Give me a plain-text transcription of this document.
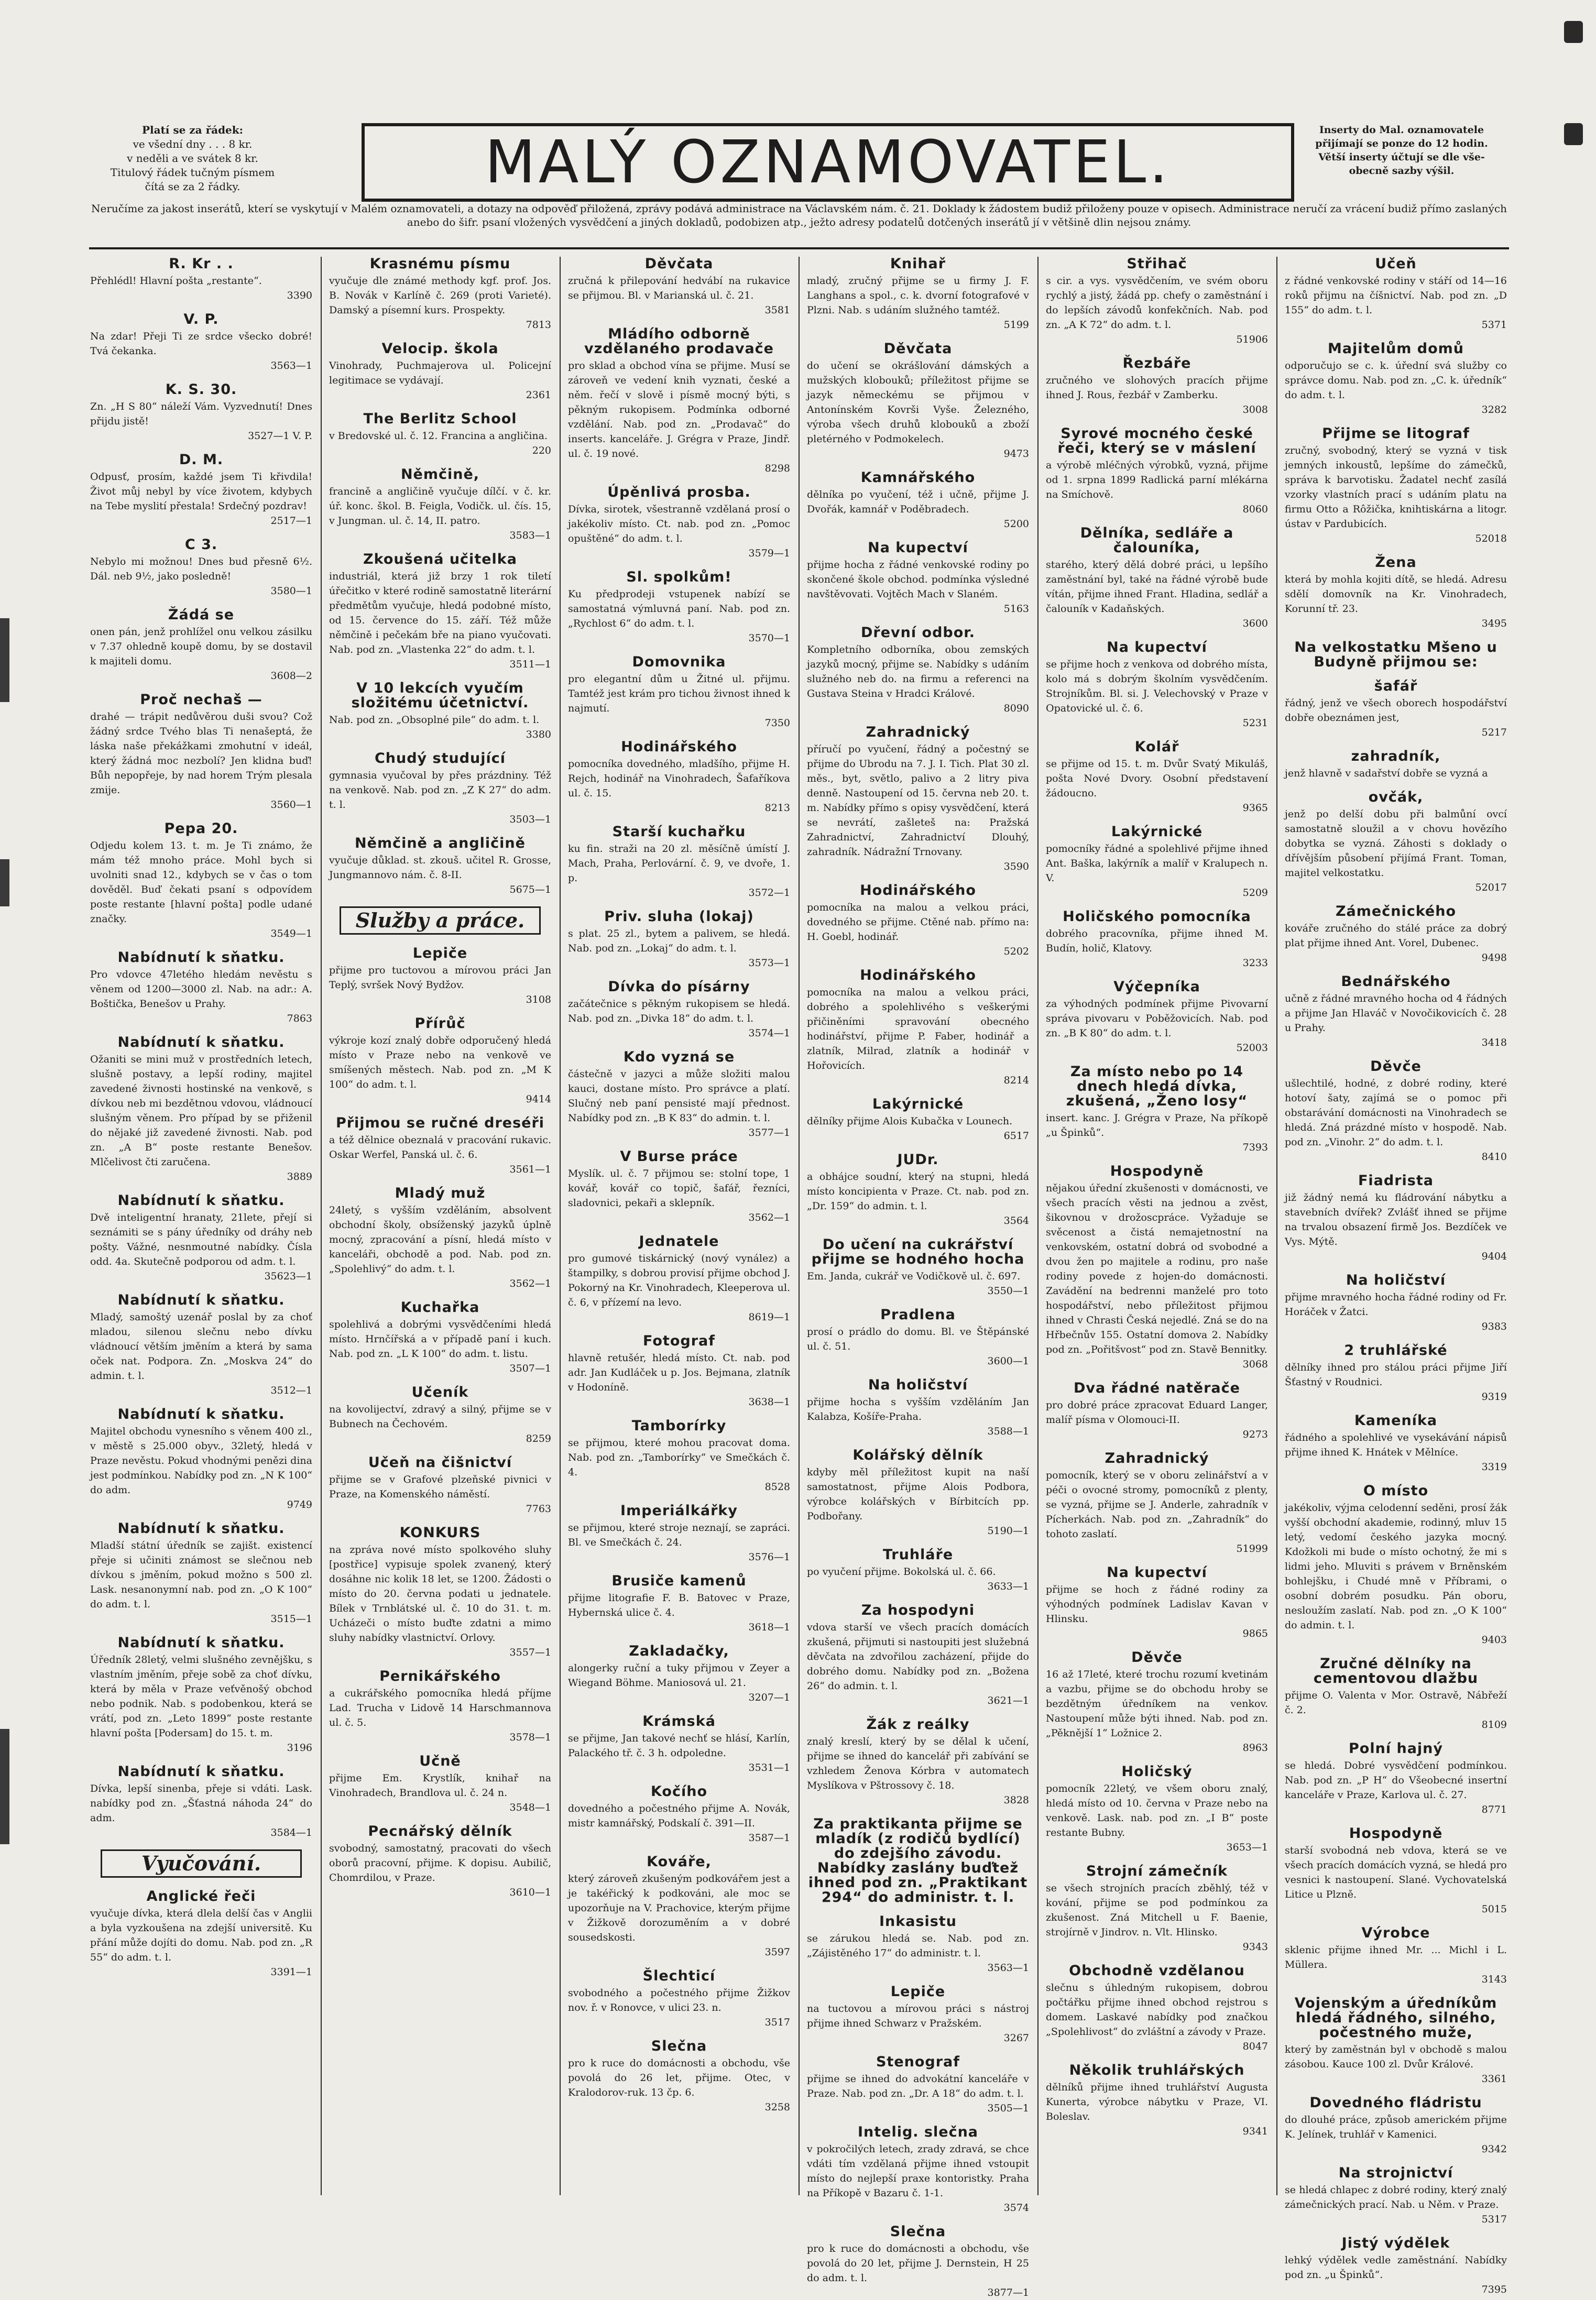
Platí se za řádek:
ve všední dny . . . 8 kr.
v neděli a ve svátek 8 kr.
Titulový řádek tučným písmem
čítá se za 2 řádky.	MALÝ OZNAMOVATEL.	Inserty do Mal. oznamovatele
přijímají se ponze do 12 hodin.
Větší inserty účtují se dle vše-
obecně sazby výšil.
Neručíme za jakost inserátů, kterí se vyskytují v Malém oznamovateli, a dotazy na odpověď přiložená, zprávy podává administrace na Václavském nám. č. 21. Doklady k žádostem budiž přiloženy pouze v opisech. Administrace neručí za vrácení budiž přímo zaslaných anebo do šifr. psaní vložených vysvědčení a jiných dokladů, podobizen atp., ježto adresy podatelů dotčených inserátů jí v většině dlin nejsou známy.
R. Kr . .

Přehlédl! Hlavní pošta „restante“.

3390

V. P.

Na zdar! Přeji Ti ze srdce všecko dobré! Tvá čekanka.

3563—1

K. S. 30.

Zn. „H S 80“ náleží Vám. Vyzvednutí! Dnes přijdu jistě!

3527—1 V. P.

D. M.

Odpusť, prosím, každé jsem Ti křivdila! Život můj nebyl by více životem, kdybych na Tebe myslití přestala! Srdečný pozdrav!

2517—1

C 3.

Nebylo mi možnou! Dnes bud přesně 6½. Dál. neb 9½, jako posledně!

3580—1

Žádá se

onen pán, jenž prohlížel onu velkou zásilku v 7.37 ohledně koupě domu, by se dostavil k majiteli domu.

3608—2

Proč nechaš —

drahé — trápit nedůvěrou duši svou? Což žádný srdce Tvého blas Ti nenašeptá, že láska naše překážkami zmohutní v ideál, který žádná moc nezbolí? Jen klidna buď! Bůh nepopřeje, by nad horem Trým plesala zmije.

3560—1

Pepa 20.

Odjedu kolem 13. t. m. Je Ti známo, že mám též mnoho práce. Mohl bych si uvolniti snad 12., kdybych se v čas o tom dověděl. Buď čekati psaní s odpovídem poste restante [hlavní pošta] podle udané značky.

3549—1

Nabídnutí k sňatku.

Pro vdovce 47letého hledám nevěstu s věnem od 1200—3000 zl. Nab. na adr.: A. Boštička, Benešov u Prahy.

7863

Nabídnutí k sňatku.

Ožaniti se mini muž v prostředních letech, slušně postavy, a lepší rodiny, majitel zavedené živnosti hostinské na venkově, s dívkou neb mi bezdětnou vdovou, vládnoucí slušným věnem. Pro případ by se přiženil do nějaké již zavedené živnosti. Nab. pod zn. „A B“ poste restante Benešov. Mlčelivost čti zaručena.

3889

Nabídnutí k sňatku.

Dvě inteligentní hranaty, 21lete, přejí si seznámiti se s pány úředníky od dráhy neb pošty. Vážné, nesnmoutné nabídky. Čísla odd. 4a. Skutečně podporou od adm. t. l.

35623—1

Nabídnutí k sňatku.

Mladý, samoštý uzenář poslal by za choť mladou, silenou slečnu nebo dívku vládnoucí větším jměním a která by sama oček nat. Podpora. Zn. „Moskva 24“ do admin. t. l.

3512—1

Nabídnutí k sňatku.

Majitel obchodu vynesního s věnem 400 zl., v městě s 25.000 obyv., 32letý, hledá v Praze nevěstu. Pokud vhodnými penězi dina jest podmínkou. Nabídky pod zn. „N K 100“ do adm.

9749

Nabídnutí k sňatku.

Mladší státní úředník se zajišt. existencí přeje si učiniti známost se slečnou neb dívkou s jměním, pokud možno s 500 zl. Lask. nesanonymní nab. pod zn. „O K 100“ do adm. t. l.

3515—1

Nabídnutí k sňatku.

Úředník 28letý, velmi slušného zevnějšku, s vlastním jměním, přeje sobě za choť dívku, která by měla v Praze veťvěnošý obchod nebo podnik. Nab. s podobenkou, která se vrátí, pod zn. „Leto 1899“ poste restante hlavní pošta [Podersam] do 15. t. m.

3196

Nabídnutí k sňatku.

Dívka, lepší sinenba, přeje si vdáti. Lask. nabídky pod zn. „Šťastná náhoda 24“ do adm.

3584—1

Vyučování.
Anglické řeči

vyučuje dívka, která dlela delší čas v Anglii a byla vyzkoušena na zdejší universitě. Ku přání může dojíti do domu. Nab. pod zn. „R 55“ do adm. t. l.

3391—1

Krasnému písmu

vyučuje dle známé methody kgf. prof. Jos. B. Novák v Karlíně č. 269 (proti Varieté). Damský a písemní kurs. Prospekty.

7813

Velocip. škola

Vinohrady, Puchmajerova ul. Policejní legitimace se vydávají.

2361

The Berlitz School

v Bredovské ul. č. 12. Francina a angličina.

220

Němčině,

francině a angličině vyučuje dílčí. v č. kr. úř. konc. škol. B. Feigla, Vodičk. ul. čís. 15, v Jungman. ul. č. 14, II. patro.

3583—1

Zkoušená učitelka

industriál, která již brzy 1 rok tiletí úřečitko v které rodině samostatně literární předmětům vyučuje, hledá podobné místo, od 15. července do 15. září. Též může němčině i pečekám bře na piano vyučovati. Nab. pod zn. „Vlastenka 22“ do adm. t. l.

3511—1

V 10 lekcích vyučím složitému účetnictví.

Nab. pod zn. „Obsoplné pile“ do adm. t. l.

3380

Chudý studující

gymnasia vyučoval by přes prázdniny. Též na venkově. Nab. pod zn. „Z K 27“ do adm. t. l.

3503—1

Němčině a angličině

vyučuje důklad. st. zkouš. učitel R. Grosse, Jungmannovo nám. č. 8-II.

5675—1

Služby a práce.
Lepiče

přijme pro tuctovou a mírovou práci Jan Teplý, svršek Nový Bydžov.

3108

Přírůč

výkroje kozí znalý dobře odporučený hledá místo v Praze nebo na venkově ve smíšených městech. Nab. pod zn. „M K 100“ do adm. t. l.

9414

Přijmou se ručné dreséři

a též dělnice obeznalá v pracování rukavic. Oskar Werfel, Panská ul. č. 6.

3561—1

Mladý muž

24letý, s vyšším vzděláním, absolvent obchodní školy, obsíženský jazyků úplně mocný, zpracování a písní, hledá místo v kanceláři, obchodě a pod. Nab. pod zn. „Spolehlivý“ do adm. t. l.

3562—1

Kuchařka

spolehlivá a dobrými vysvědčeními hledá místo. Hrnčířská a v případě paní i kuch. Nab. pod zn. „L K 100“ do adm. t. listu.

3507—1

Učeník

na kovolijectví, zdravý a silný, přijme se v Bubnech na Čechovém.

8259

Učeň na čišnictví

přijme se v Grafové plzeňské pivnici v Praze, na Komenského náměstí.

7763

KONKURS

na zpráva nové místo spolkového sluhy [postřice] vypisuje spolek zvanený, který dosáhne nic kolik 18 let, se 1200. Žádosti o místo do 20. června podati u jednatele. Bílek v Trnblátské ul. č. 10 do 31. t. m. Ucházeči o místo buďte zdatni a mimo sluhy nabídky vlastnictví. Orlovy.

3557—1

Pernikářského

a cukrářského pomocníka hledá příjme Lad. Trucha v Lidově 14 Harschmannova ul. č. 5.

3578—1

Učně

přijme Em. Krystlík, knihař na Vinohradech, Brandlova ul. č. 24 n.

3548—1

Pecnářský dělník

svobodný, samostatný, pracovati do všech oborů pracovní, přijme. K dopisu. Aubilič, Chomrdilou, v Praze.

3610—1

Děvčata

zručná k přilepování hedvábí na rukavice se přijmou. Bl. v Marianská ul. č. 21.

3581

Mládího odborně vzdělaného prodavače

pro sklad a obchod vína se přijme. Musí se zároveň ve vedení knih vyznati, české a něm. řečí v slově i písmě mocný býti, s pěkným rukopisem. Podmínka odborné vzdělání. Nab. pod zn. „Prodavač“ do inserts. kanceláře. J. Grégra v Praze, Jindř. ul. č. 19 nové.

8298

Úpěnlivá prosba.

Dívka, sirotek, všestranně vzdělaná prosí o jakékoliv místo. Ct. nab. pod zn. „Pomoc opuštěné“ do adm. t. l.

3579—1

Sl. spolkům!

Ku předprodeji vstupenek nabízí se samostatná výmluvná paní. Nab. pod zn. „Rychlost 6“ do adm. t. l.

3570—1

Domovnika

pro elegantní dům u Žitné ul. přijmu. Tamtéž jest krám pro tichou živnost ihned k najmutí.

7350

Hodinářského

pomocníka dovedného, mladšího, přijme H. Rejch, hodinář na Vinohradech, Šafaříkova ul. č. 15.

8213

Starší kuchařku

ku fin. straži na 20 zl. měsíčně úmístí J. Mach, Praha, Perlovární. č. 9, ve dvoře, 1. p.

3572—1

Priv. sluha (lokaj)

s plat. 25 zl., bytem a palivem, se hledá. Nab. pod zn. „Lokaj“ do adm. t. l.

3573—1

Dívka do písárny

začátečnice s pěkným rukopisem se hledá. Nab. pod zn. „Divka 18“ do adm. t. l.

3574—1

Kdo vyzná se

částečně v jazyci a může složiti malou kauci, dostane místo. Pro správce a platí. Slučný neb paní pensisté mají přednost. Nabídky pod zn. „B K 83“ do admin. t. l.

3577—1

V Burse práce

Myslík. ul. č. 7 přijmou se: stolní tope, 1 kovář, kovář co topič, šafář, řezníci, sladovnici, pekaři a sklepník.

3562—1

Jednatele

pro gumové tiskárnický (nový vynález) a štampilky, s dobrou provisí přijme obchod J. Pokorný na Kr. Vinohradech, Kleeperova ul. č. 6, v přízemí na levo.

8619—1

Fotograf

hlavně retušér, hledá místo. Ct. nab. pod adr. Jan Kudláček u p. Jos. Bejmana, zlatník v Hodoníně.

3638—1

Tamborírky

se přijmou, které mohou pracovat doma. Nab. pod zn. „Tamborírky“ ve Smečkách č. 4.

8528

Imperiálkářky

se přijmou, které stroje neznají, se zapráci. Bl. ve Smečkách č. 24.

3576—1

Brusiče kamenů

přijme litografie F. B. Batovec v Praze, Hybernská ulice č. 4.

3618—1

Zakladačky,

alongerky ruční a tuky přijmou v Zeyer a Wiegand Böhme. Maniosová ul. 21.

3207—1

Krámská

se přijme, Jan takové nechť se hlásí, Karlín, Palackého tř. č. 3 h. odpoledne.

3531—1

Kočího

dovedného a počestného přijme A. Novák, mistr kamnářský, Podskalí č. 391—II.

3587—1

Kováře,

který zároveň zkušeným podkovářem jest a je takéřický k podkováni, ale moc se upozorňuje na V. Prachovice, kterým přijme v Žižkově dorozuměním a v dobré sousedskosti.

3597

Šlechticí

svobodného a počestného přijme Žižkov nov. ř. v Ronovce, v ulici 23. n.

3517

Slečna

pro k ruce do domácnosti a obchodu, vše povolá do 26 let, přijme. Otec, v Kralodorov-ruk. 13 čp. 6.

3258

Knihař

mladý, zručný přijme se u firmy J. F. Langhans a spol., c. k. dvorní fotografové v Plzni. Nab. s udáním služného tamtéž.

5199

Děvčata

do učení se okrášlování dámských a mužských klobouků; příležitost přijme se jazyk německému se přijmou v Antonínském Kovrši Vyše. Železného, výroba všech druhů klobouků a zboží pletérného v Podmokelech.

9473

Kamnářského

dělníka po vyučení, též i učně, přijme J. Dvořák, kamnář v Poděbradech.

5200

Na kupectví

přijme hocha z řádné venkovské rodiny po skončené škole obchod. podmínka výsledné navštěvovati. Vojtěch Mach v Slaném.

5163

Dřevní odbor.

Kompletního odborníka, obou zemských jazyků mocný, přijme se. Nabídky s udáním služného neb do. na firmu a referenci na Gustava Steina v Hradci Králové.

8090

Zahradnický

příručí po vyučení, řádný a počestný se přijme do Ubrodu na 7. J. I. Tich. Plat 30 zl. měs., byt, světlo, palivo a 2 litry piva denně. Nastoupení od 15. června neb 20. t. m. Nabídky přímo s opisy vysvědčení, která se nevrátí, zašleteš na: Pražská Zahradnictví, Zahradnictví Dlouhý, zahradník. Nádražní Trnovany.

3590

Hodinářského

pomocníka na malou a velkou práci, dovedného se přijme. Ctěné nab. přímo na: H. Goebl, hodinář.

5202

Hodinářského

pomocníka na malou a velkou práci, dobrého a spolehlivého s veškerými přičiněními spravování obecného hodinářství, přijme P. Faber, hodinář a zlatník, Milrad, zlatník a hodinář v Hořovicích.

8214

Lakýrnické

dělníky přijme Alois Kubačka v Lounech.

6517

JUDr.

a obhájce soudní, který na stupni, hledá místo koncipienta v Praze. Ct. nab. pod zn. „Dr. 159“ do admin. t. l.

3564

Do učení na cukrářství přijme se hodného hocha

Em. Janda, cukrář ve Vodičkově ul. č. 697.

3550—1

Pradlena

prosí o prádlo do domu. Bl. ve Štěpánské ul. č. 51.

3600—1

Na holičství

přijme hocha s vyšším vzděláním Jan Kalabza, Košíře-Praha.

3588—1

Kolářský dělník

kdyby měl příležitost kupit na naší samostatnost, přijme Alois Podbora, výrobce kolářských v Bírbitcích pp. Podbořany.

5190—1

Truhláře

po vyučení přijme. Bokolská ul. č. 66.

3633—1

Za hospodyni

vdova starší ve všech pracích domácích zkušená, přijmuti si nastoupiti jest služebná děvčata na zdvořilou zacházení, přijde do dobrého domu. Nabídky pod zn. „Božena 26“ do admin. t. l.

3621—1

Žák z reálky

znalý kreslí, který by se dělal k učení, přijme se ihned do kancelář při zabívání se vzhledem Ženova Kórbra v automatech Myslíkova v Pštrossovy č. 18.

3828

Za praktikanta přijme se mladík (z rodičů bydlící) do zdejšího závodu. Nabídky zaslány buďtež ihned pod zn. „Praktikant 294“ do administr. t. l.
Inkasistu

se zárukou hledá se. Nab. pod zn. „Zájistěného 17“ do administr. t. l.

3563—1

Lepiče

na tuctovou a mírovou práci s nástroj přijme ihned Schwarz v Pražském.

3267

Stenograf

přijme se ihned do advokátní kanceláře v Praze. Nab. pod zn. „Dr. A 18“ do adm. t. l.

3505—1

Intelig. slečna

v pokročilých letech, zrady zdravá, se chce vdáti tím vzdělaná přijme ihned vstoupit místo do nejlepší praxe kontoristky. Praha na Příkopě v Bazaru č. 1-1.

3574

Slečna

pro k ruce do domácnosti a obchodu, vše povolá do 20 let, přijme J. Dernstein, H 25 do adm. t. l.

3877—1

Střihač

s cir. a vys. vysvědčením, ve svém oboru rychlý a jistý, žádá pp. chefy o zaměstnání i do lepších závodů konfekčních. Nab. pod zn. „A K 72“ do adm. t. l.

51906

Řezbáře

zručného ve slohových pracích přijme ihned J. Rous, řezbář v Zamberku.

3008

Syrové mocného české řeči, který se v máslení

a výrobě mléčných výrobků, vyzná, přijme od 1. srpna 1899 Radlická parní mlékárna na Smíchově.

8060

Dělníka, sedláře a čalouníka,

starého, který dělá dobré práci, u lepšího zaměstnání byl, také na řádné výrobě bude vítán, přijme ihned Frant. Hladina, sedlář a čalouník v Kadaňských.

3600

Na kupectví

se přijme hoch z venkova od dobrého místa, kolo má s dobrým školním vysvědčením. Strojníkům. Bl. si. J. Velechovský v Praze v Opatovické ul. č. 6.

5231

Kolář

se přijme od 15. t. m. Dvůr Svatý Mikuláš, pošta Nové Dvory. Osobní představení žádoucno.

9365

Lakýrnické

pomocníky řádné a spolehlivé přijme ihned Ant. Baška, lakýrník a malíř v Kralupech n. V.

5209

Holičského pomocníka

dobrého pracovníka, přijme ihned M. Budín, holič, Klatovy.

3233

Výčepníka

za výhodných podmínek přijme Pivovarní správa pivovaru v Poběžovicích. Nab. pod zn. „B K 80“ do adm. t. l.

52003

Za místo nebo po 14 dnech hledá dívka, zkušená, „Ženo losy“

insert. kanc. J. Grégra v Praze, Na příkopě „u Špinků“.

7393

Hospodyně

nějakou úřední zkušenosti v domácnosti, ve všech pracích věsti na jednou a zvěst, šikovnou v drožoscpráce. Vyžaduje se svěcenost a čistá nemajetnostní na venkovském, ostatní dobrá od svobodné a dvou žen po majitele a rodinu, pro naše rodiny povede z hojen-do domácnosti. Zavádění na bedrenni manželé pro toto hospodářství, nebo příležitost přijmou ihned v Chrasti Česká nejedlé. Zná se do na Hřbečnův 155. Ostatní domova 2. Nabídky pod zn. „Pořitšvost“ pod zn. Stavě Bennitky.

3068

Dva řádné natěrače

pro dobré práce zpracovat Eduard Langer, malíř písma v Olomouci-II.

9273

Zahradnický

pomocník, který se v oboru zelinářství a v péči o ovocné stromy, pomocníků z plenty, se vyzná, přijme se J. Anderle, zahradník v Pícherkách. Nab. pod zn. „Zahradník“ do tohoto zaslatí.

51999

Na kupectví

přijme se hoch z řádné rodiny za výhodných podmínek Ladislav Kavan v Hlinsku.

9865

Děvče

16 až 17leté, které trochu rozumí kvetinám a vazbu, přijme se do obchodu hroby se bezdětným úředníkem na venkov. Nastoupení může býti ihned. Nab. pod zn. „Pěknější 1“ Ložnice 2.

8963

Holičský

pomocník 22letý, ve všem oboru znalý, hledá místo od 10. června v Praze nebo na venkově. Lask. nab. pod zn. „I B“ poste restante Bubny.

3653—1

Strojní zámečník

se všech strojních pracích zběhlý, též v kování, přijme se pod podmínkou za zkušenost. Zná Mitchell u F. Baenie, strojírně v Jindrov. n. Vlt. Hlinsko.

9343

Obchodně vzdělanou

slečnu s úhledným rukopisem, dobrou počtářku přijme ihned obchod rejstrou s domem. Laskavé nabídky pod značkou „Spolehlivost“ do zvláštní a závody v Praze.

8047

Několik truhlářských

dělníků přijme ihned truhlářství Augusta Kunerta, výrobce nábytku v Praze, VI. Boleslav.

9341

Učeň

z řádné venkovské rodiny v stáří od 14—16 roků přijmu na číšnictví. Nab. pod zn. „D 155“ do adm. t. l.

5371

Majitelům domů

odporučujo se c. k. úřední svá služby co správce domu. Nab. pod zn. „C. k. úředník“ do adm. t. l.

3282

Přijme se litograf

zručný, svobodný, který se vyzná v tisk jemných inkoustů, lepšíme do zámečků, správa k barvotisku. Žadatel nechť zasílá vzorky vlastních prací s udáním platu na firmu Otto a Rôžička, knihtiskárna a litogr. ústav v Pardubicích.

52018

Žena

která by mohla kojiti dítě, se hledá. Adresu sdělí domovník na Kr. Vinohradech, Korunní tř. 23.

3495

Na velkostatku Mšeno u Budyně přijmou se:
šafář

řádný, jenž ve všech oborech hospodářství dobře obeznámen jest,

5217

zahradník,

jenž hlavně v sadařství dobře se vyzná a

ovčák,

jenž po delší dobu při balmůní ovcí samostatně sloužil a v chovu hovězího dobytka se vyzná. Záhosti s doklady o dřívějším působení přijímá Frant. Toman, majitel velkostatku.

52017

Zámečnického

kováře zručného do stálé práce za dobrý plat přijme ihned Ant. Vorel, Dubenec.

9498

Bednářského

učně z řádné mravného hocha od 4 řádných a přijme Jan Hlaváč v Novočikovicích č. 28 u Prahy.

3418

Děvče

ušlechtilé, hodné, z dobré rodiny, které hotoví šaty, zajímá se o pomoc při obstarávání domácnosti na Vinohradech se hledá. Zná prázdné místo v hospodě. Nab. pod zn. „Vinohr. 2“ do adm. t. l.

8410

Fiadrista

již žádný nemá ku fládrování nábytku a stavebních dvířek? Zvlášť ihned se přijme na trvalou obsazení firmě Jos. Bezdíček ve Vys. Mýtě.

9404

Na holičství

přijme mravného hocha řádné rodiny od Fr. Horáček v Žatci.

9383

2 truhlářské

dělníky ihned pro stálou práci přijme Jiří Šťastný v Roudnici.

9319

Kameníka

řádného a spolehlivé ve vysekávání nápisů přijme ihned K. Hnátek v Mělníce.

3319

O místo

jakékoliv, výjma celodenní seděni, prosí žák vyšší obchodní akademie, rodinný, mluv 15 letý, vedomí českého jazyka mocný. Kdožkoli mi bude o místo ochotný, že mi s lidmi jeho. Mluviti s právem v Brněnském bohlejšku, i Chudé mně v Příbrami, o osobní dobrém posudku. Pán oboru, nesloužím zaslatí. Nab. pod zn. „O K 100“ do admin. t. l.

9403

Zručné dělníky na cementovou dlažbu

přijme O. Valenta v Mor. Ostravě, Nábřeží č. 2.

8109

Polní hajný

se hledá. Dobré vysvědčení podmínkou. Nab. pod zn. „P H“ do Všeobecné insertní kanceláře v Praze, Karlova ul. č. 27.

8771

Hospodyně

starší svobodná neb vdova, která se ve všech pracích domácích vyzná, se hledá pro vesnici k nastoupení. Slané. Vychovatelská Litice u Plzně.

5015

Výrobce

sklenic přijme ihned Mr. ... Michl i L. Müllera.

3143

Vojenským a úředníkům hledá řádného, silného, počestného muže,

který by zaměstnán byl v obchodě s malou zásobou. Kauce 100 zl. Dvůr Králové.

3361

Dovedného fládristu

do dlouhé práce, způsob americkém přijme K. Jelínek, truhlář v Kamenici.

9342

Na strojnictví

se hledá chlapec z dobré rodiny, který znalý zámečnických prací. Nab. u Něm. v Praze.

5317

Jistý výdělek

lehký výdělek vedle zaměstnání. Nabídky pod zn. „u Špinků“.

7395
